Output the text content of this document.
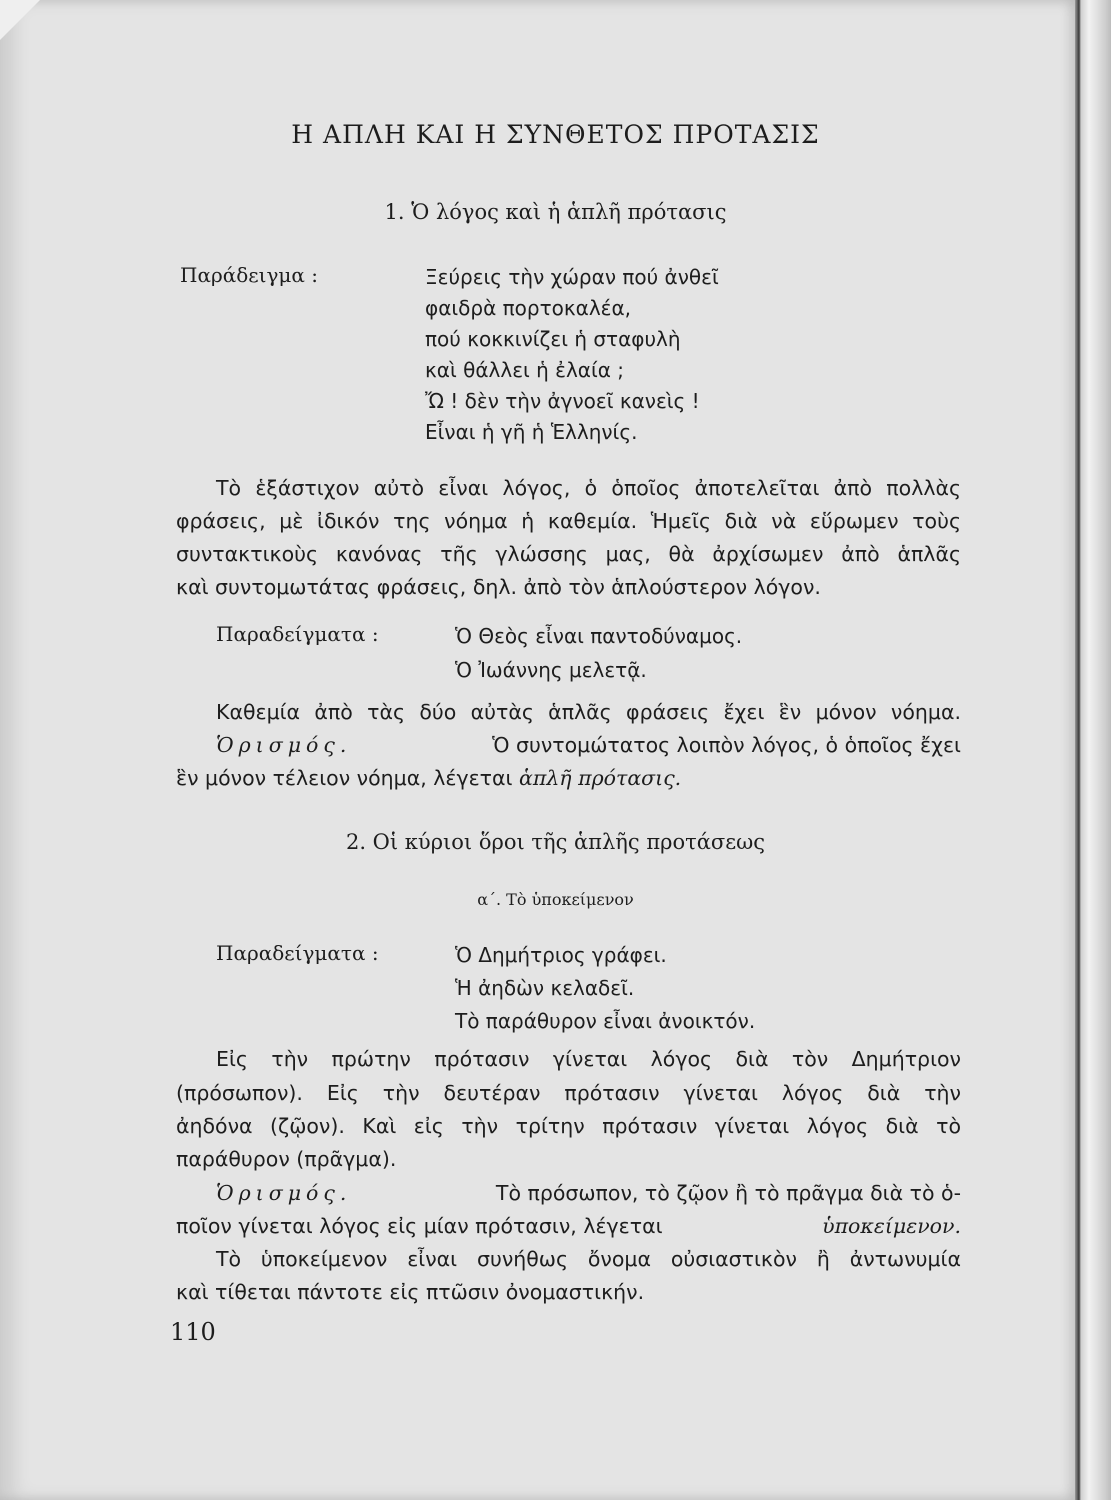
Η ΑΠΛΗ ΚΑΙ Η ΣΥΝΘΕΤΟΣ ΠΡΟΤΑΣΙΣ
1. Ὁ λόγος καὶ ἡ ἁπλῆ πρότασις
Παράδειγμα :	Ξεύρεις τὴν χώραν πού ἀνθεῖ
φαιδρὰ πορτοκαλέα,
πού κοκκινίζει ἡ σταφυλὴ
καὶ θάλλει ἡ ἐλαία ;
Ὤ ! δὲν τὴν ἀγνοεῖ κανεὶς !
Εἶναι ἡ γῆ ἡ Ἑλληνίς.
Τὸ ἑξάστιχον αὐτὸ εἶναι λόγος, ὁ ὁποῖος ἀποτελεῖται ἀπὸ πολλὰς
φράσεις, μὲ ἰδικόν της νόημα ἡ καθεμία. Ἡμεῖς διὰ νὰ εὕρωμεν τοὺς
συντακτικοὺς κανόνας τῆς γλώσσης μας, θὰ ἀρχίσωμεν ἀπὸ ἁπλᾶς
καὶ συντομωτάτας φράσεις, δηλ. ἀπὸ τὸν ἁπλούστερον λόγον.
Παραδείγματα :	Ὁ Θεὸς εἶναι παντοδύναμος.
Ὁ Ἰωάννης μελετᾷ.
Καθεμία ἀπὸ τὰς δύο αὐτὰς ἁπλᾶς φράσεις ἔχει ἓν μόνον νόημα.
Ὁρισμός.	Ὁ συντομώτατος λοιπὸν λόγος, ὁ ὁποῖος ἔχει
ἓν μόνον τέλειον νόημα, λέγεται ἁπλῆ πρότασις.
2. Οἱ κύριοι ὅροι τῆς ἁπλῆς προτάσεως
α΄. Τὸ ὑποκείμενον
Παραδείγματα :	Ὁ Δημήτριος γράφει.
Ἡ ἀηδὼν κελαδεῖ.
Τὸ παράθυρον εἶναι ἀνοικτόν.
Εἰς τὴν πρώτην πρότασιν γίνεται λόγος διὰ τὸν Δημήτριον
(πρόσωπον). Εἰς τὴν δευτέραν πρότασιν γίνεται λόγος διὰ τὴν
ἀηδόνα (ζῷον). Καὶ εἰς τὴν τρίτην πρότασιν γίνεται λόγος διὰ τὸ
παράθυρον (πρᾶγμα).
Ὁρισμός.	Τὸ πρόσωπον, τὸ ζῷον ἢ τὸ πρᾶγμα διὰ τὸ ὁ-
ποῖον γίνεται λόγος εἰς μίαν πρότασιν, λέγεται	ὑποκείμενον.
Τὸ ὑποκείμενον εἶναι συνήθως ὄνομα οὐσιαστικὸν ἢ ἀντωνυμία
καὶ τίθεται πάντοτε εἰς πτῶσιν ὀνομαστικήν.
110
